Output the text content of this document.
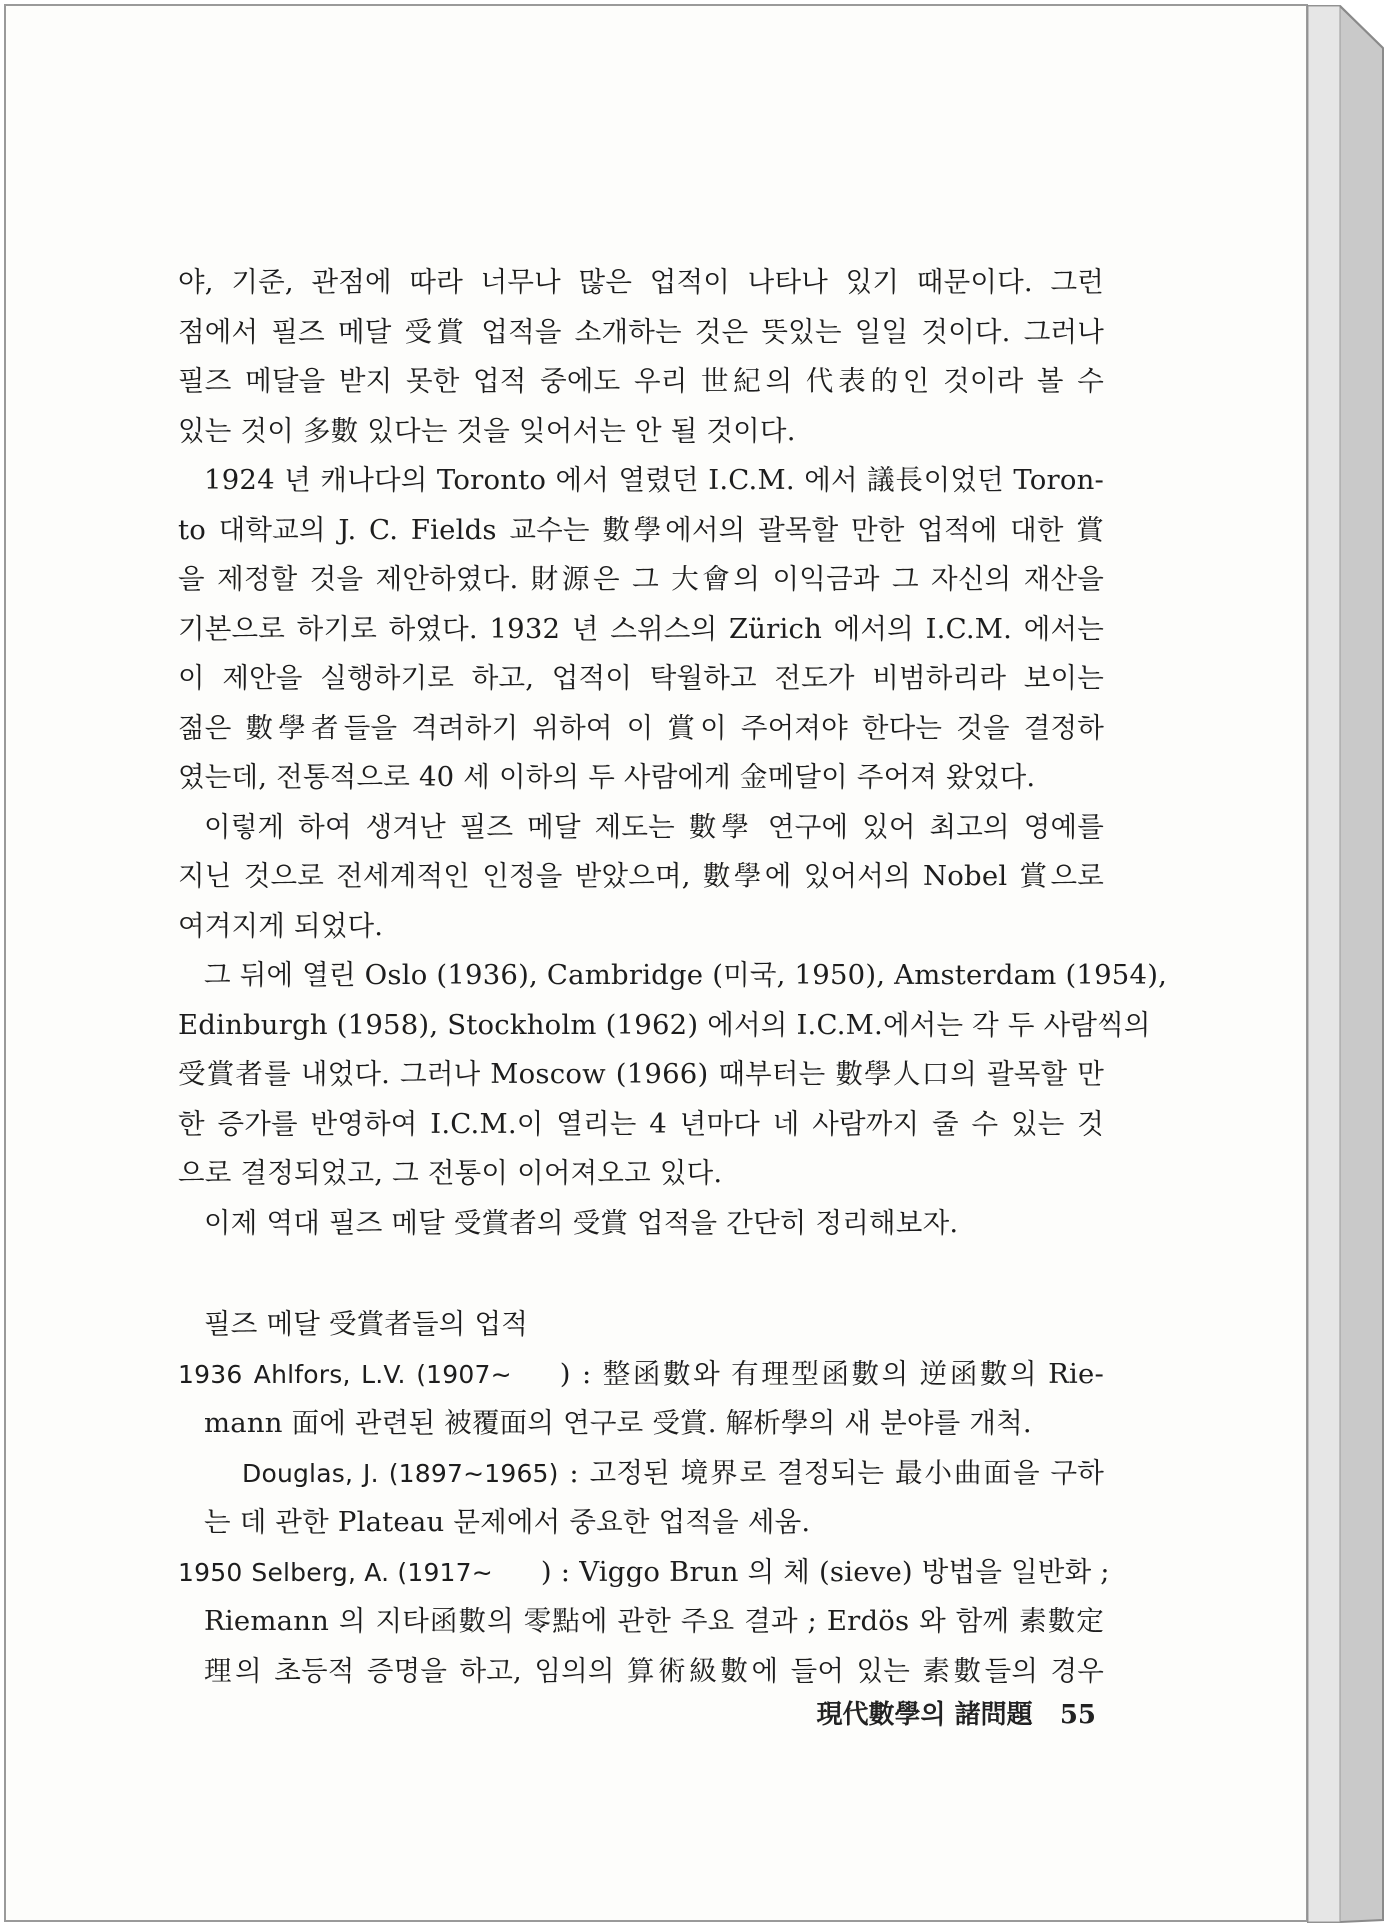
야, 기준, 관점에 따라 너무나 많은 업적이 나타나 있기 때문이다. 그런
점에서 필즈 메달 受賞 업적을 소개하는 것은 뜻있는 일일 것이다. 그러나
필즈 메달을 받지 못한 업적 중에도 우리 世紀의 代表的인 것이라 볼 수
있는 것이 多數 있다는 것을 잊어서는 안 될 것이다.
1924 년 캐나다의 Toronto 에서 열렸던 I.C.M. 에서 議長이었던 Toron-
to 대학교의 J. C. Fields 교수는 數學에서의 괄목할 만한 업적에 대한 賞
을 제정할 것을 제안하였다. 財源은 그 大會의 이익금과 그 자신의 재산을
기본으로 하기로 하였다. 1932 년 스위스의 Zürich 에서의 I.C.M. 에서는
이 제안을 실행하기로 하고, 업적이 탁월하고 전도가 비범하리라 보이는
젊은 數學者들을 격려하기 위하여 이 賞이 주어져야 한다는 것을 결정하
였는데, 전통적으로 40 세 이하의 두 사람에게 金메달이 주어져 왔었다.
이렇게 하여 생겨난 필즈 메달 제도는 數學 연구에 있어 최고의 영예를
지닌 것으로 전세계적인 인정을 받았으며, 數學에 있어서의 Nobel 賞으로
여겨지게 되었다.
그 뒤에 열린 Oslo (1936), Cambridge (미국, 1950), Amsterdam (1954),
Edinburgh (1958), Stockholm (1962) 에서의 I.C.M.에서는 각 두 사람씩의
受賞者를 내었다. 그러나 Moscow (1966) 때부터는 數學人口의 괄목할 만
한 증가를 반영하여 I.C.M.이 열리는 4 년마다 네 사람까지 줄 수 있는 것
으로 결정되었고, 그 전통이 이어져오고 있다.
이제 역대 필즈 메달 受賞者의 受賞 업적을 간단히 정리해보자.
필즈 메달 受賞者들의 업적
1936 Ahlfors, L.V. (1907∼ ) : 整函數와 有理型函數의 逆函數의 Rie-
mann 面에 관련된 被覆面의 연구로 受賞. 解析學의 새 분야를 개척.
Douglas, J. (1897∼1965) : 고정된 境界로 결정되는 最小曲面을 구하
는 데 관한 Plateau 문제에서 중요한 업적을 세움.
1950 Selberg, A. (1917∼ ) : Viggo Brun 의 체 (sieve) 방법을 일반화 ;
Riemann 의 지타函數의 零點에 관한 주요 결과 ; Erdös 와 함께 素數定
理의 초등적 증명을 하고, 임의의 算術級數에 들어 있는 素數들의 경우
現代數學의 諸問題 55
